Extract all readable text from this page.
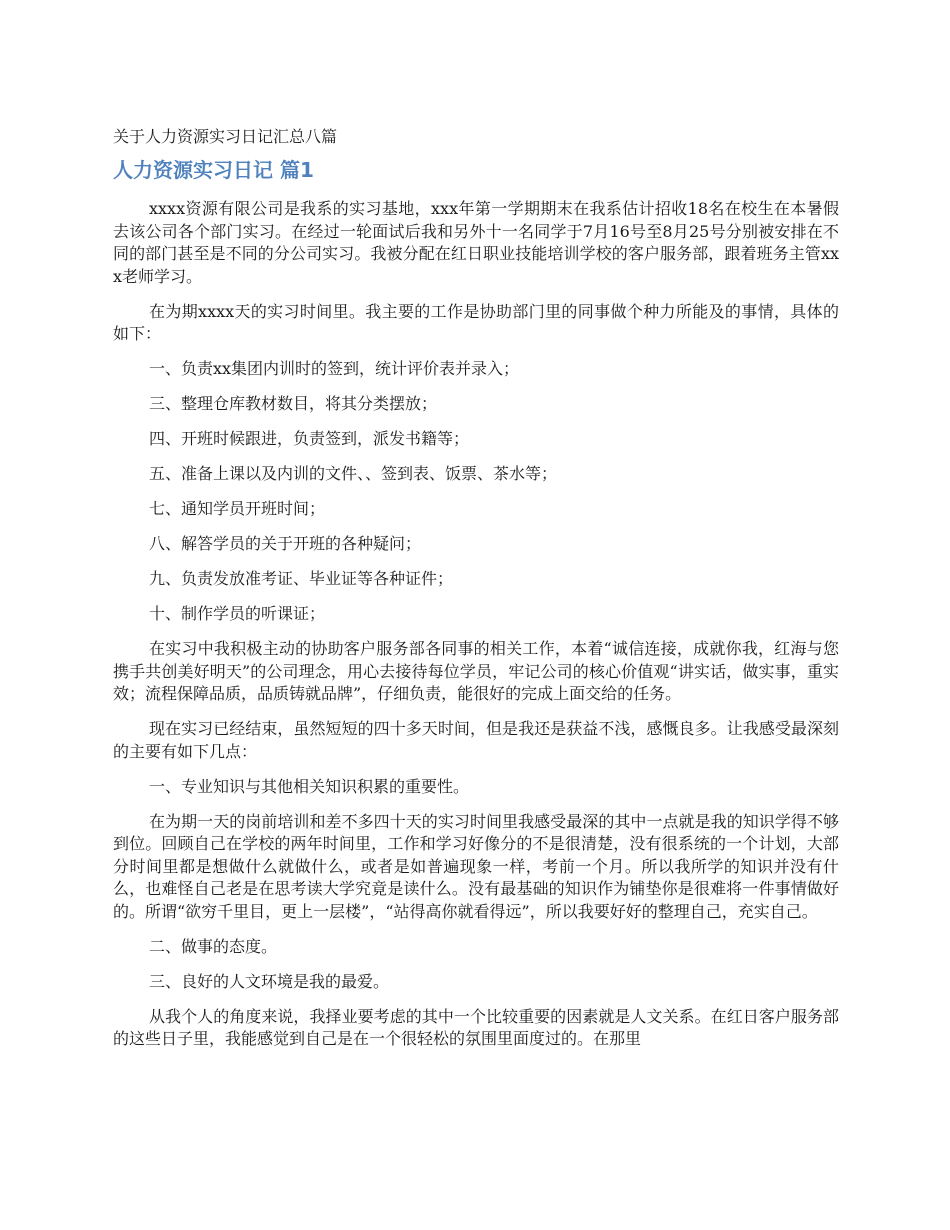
关于人力资源实习日记汇总八篇
人力资源实习日记 篇1

xxxx资源有限公司是我系的实习基地，xxx年第一学期期末在我系估计招收18名在校生在本暑假去该公司各个部门实习。在经过一轮面试后我和另外十一名同学于7月16号至8月25号分别被安排在不同的部门甚至是不同的分公司实习。我被分配在红日职业技能培训学校的客户服务部，跟着班务主管xxx老师学习。

在为期xxxx天的实习时间里。我主要的工作是协助部门里的同事做个种力所能及的事情，具体的如下：

一、负责xx集团内训时的签到，统计评价表并录入；

三、整理仓库教材数目，将其分类摆放；

四、开班时候跟进，负责签到，派发书籍等；

五、准备上课以及内训的文件、、签到表、饭票、茶水等；

七、通知学员开班时间；

八、解答学员的关于开班的各种疑问；

九、负责发放准考证、毕业证等各种证件；

十、制作学员的听课证；

在实习中我积极主动的协助客户服务部各同事的相关工作，本着“诚信连接，成就你我，红海与您携手共创美好明天”的公司理念，用心去接待每位学员，牢记公司的核心价值观“讲实话，做实事，重实效；流程保障品质，品质铸就品牌”，仔细负责，能很好的完成上面交给的任务。

现在实习已经结束，虽然短短的四十多天时间，但是我还是获益不浅，感慨良多。让我感受最深刻的主要有如下几点：

一、专业知识与其他相关知识积累的重要性。

在为期一天的岗前培训和差不多四十天的实习时间里我感受最深的其中一点就是我的知识学得不够到位。回顾自己在学校的两年时间里，工作和学习好像分的不是很清楚，没有很系统的一个计划，大部分时间里都是想做什么就做什么，或者是如普遍现象一样，考前一个月。所以我所学的知识并没有什么，也难怪自己老是在思考读大学究竟是读什么。没有最基础的知识作为铺垫你是很难将一件事情做好的。所谓“欲穷千里目，更上一层楼”，“站得高你就看得远”，所以我要好好的整理自己，充实自己。

二、做事的态度。

三、良好的人文环境是我的最爱。

从我个人的角度来说，我择业要考虑的其中一个比较重要的因素就是人文关系。在红日客户服务部的这些日子里，我能感觉到自己是在一个很轻松的氛围里面度过的。在那里
